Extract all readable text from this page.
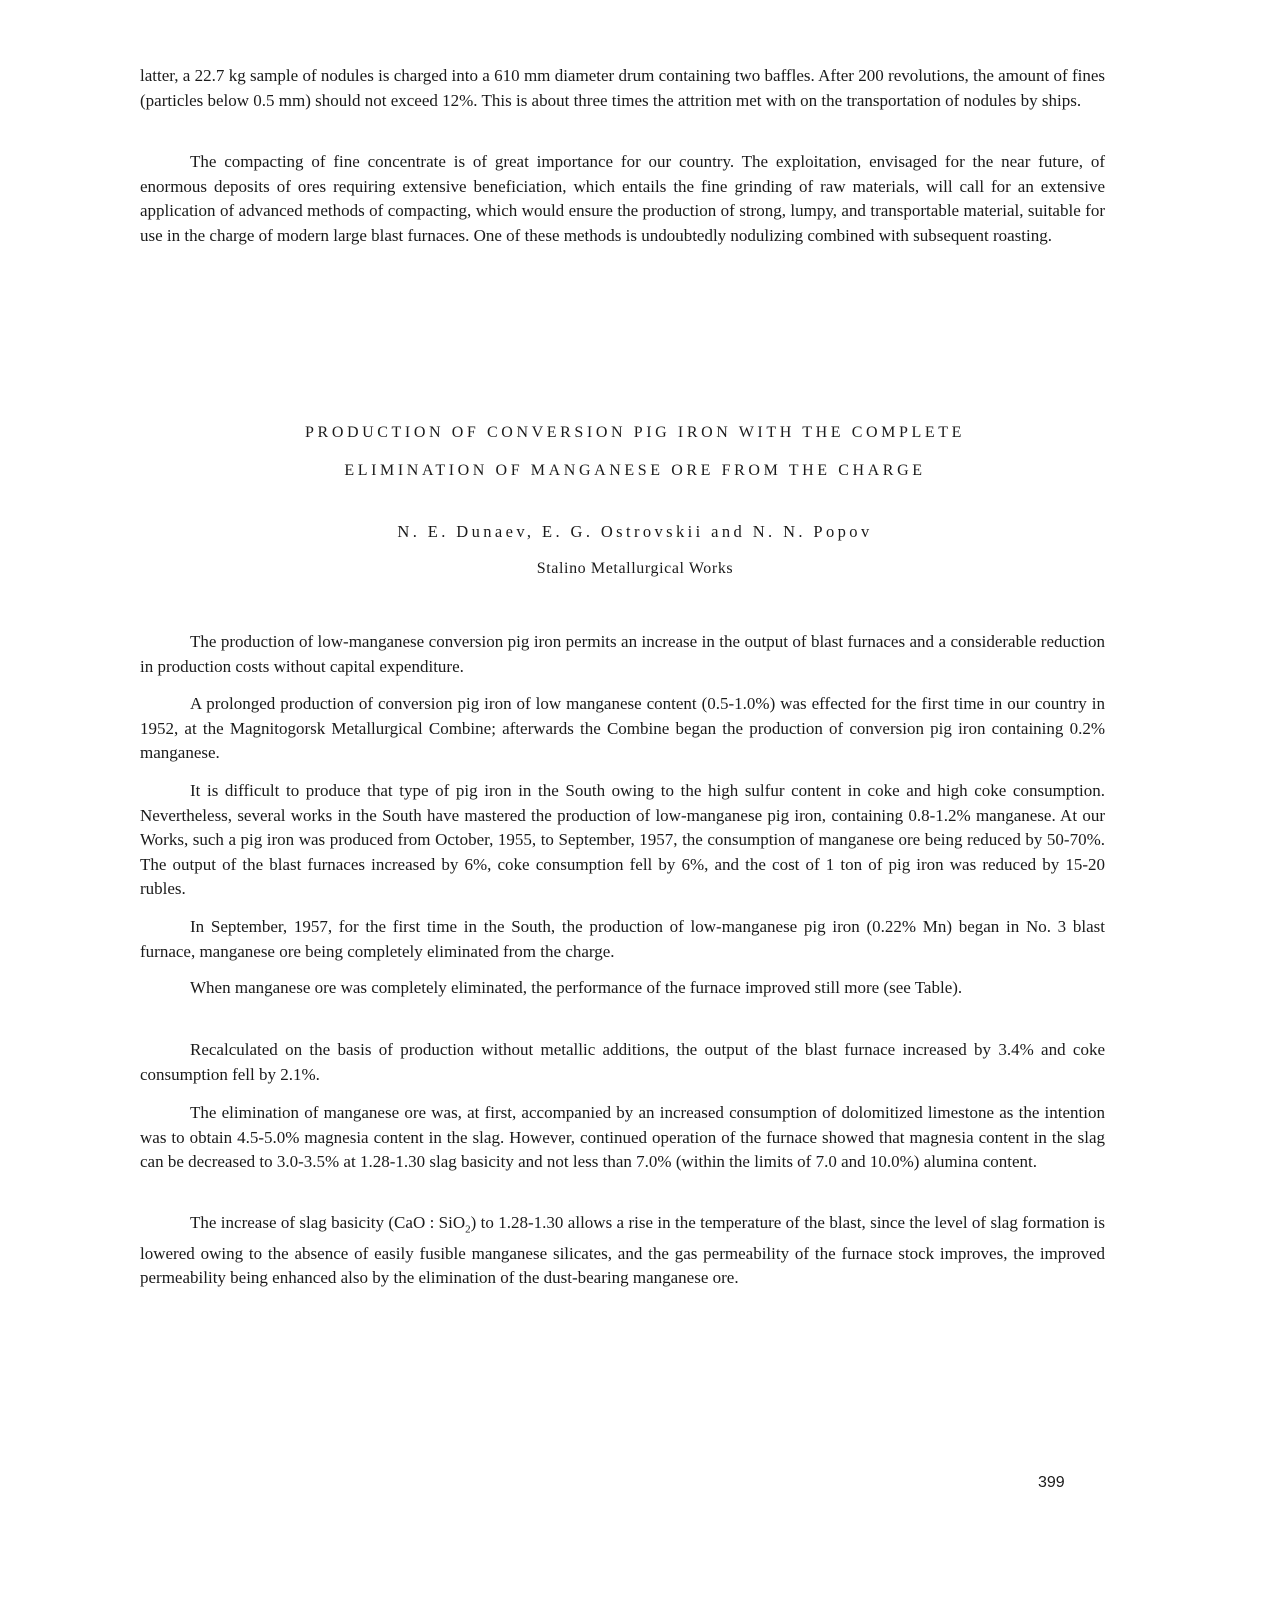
latter, a 22.7 kg sample of nodules is charged into a 610 mm diameter drum containing two baffles. After 200 revolutions, the amount of fines (particles below 0.5 mm) should not exceed 12%. This is about three times the attrition met with on the transportation of nodules by ships.

The compacting of fine concentrate is of great importance for our country. The exploitation, envisaged for the near future, of enormous deposits of ores requiring extensive beneficiation, which entails the fine grinding of raw materials, will call for an extensive application of advanced methods of compacting, which would ensure the production of strong, lumpy, and transportable material, suitable for use in the charge of modern large blast furnaces. One of these methods is undoubtedly nodulizing combined with subsequent roasting.

PRODUCTION OF CONVERSION PIG IRON WITH THE COMPLETE

ELIMINATION OF MANGANESE ORE FROM THE CHARGE

N. E. Dunaev, E. G. Ostrovskii and N. N. Popov

Stalino Metallurgical Works

The production of low-manganese conversion pig iron permits an increase in the output of blast furnaces and a considerable reduction in production costs without capital expenditure.

A prolonged production of conversion pig iron of low manganese content (0.5-1.0%) was effected for the first time in our country in 1952, at the Magnitogorsk Metallurgical Combine; afterwards the Combine began the production of conversion pig iron containing 0.2% manganese.

It is difficult to produce that type of pig iron in the South owing to the high sulfur content in coke and high coke consumption. Nevertheless, several works in the South have mastered the production of low-manganese pig iron, containing 0.8-1.2% manganese. At our Works, such a pig iron was produced from October, 1955, to September, 1957, the consumption of manganese ore being reduced by 50-70%. The output of the blast furnaces increased by 6%, coke consumption fell by 6%, and the cost of 1 ton of pig iron was reduced by 15-20 rubles.

In September, 1957, for the first time in the South, the production of low-manganese pig iron (0.22% Mn) began in No. 3 blast furnace, manganese ore being completely eliminated from the charge.

When manganese ore was completely eliminated, the performance of the furnace improved still more (see Table).

Recalculated on the basis of production without metallic additions, the output of the blast furnace increased by 3.4% and coke consumption fell by 2.1%.

The elimination of manganese ore was, at first, accompanied by an increased consumption of dolomitized limestone as the intention was to obtain 4.5-5.0% magnesia content in the slag. However, continued operation of the furnace showed that magnesia content in the slag can be decreased to 3.0-3.5% at 1.28-1.30 slag basicity and not less than 7.0% (within the limits of 7.0 and 10.0%) alumina content.

The increase of slag basicity (CaO : SiO$_2$) to 1.28-1.30 allows a rise in the temperature of the blast, since the level of slag formation is lowered owing to the absence of easily fusible manganese silicates, and the gas permeability of the furnace stock improves, the improved permeability being enhanced also by the elimination of the dust-bearing manganese ore.

399
